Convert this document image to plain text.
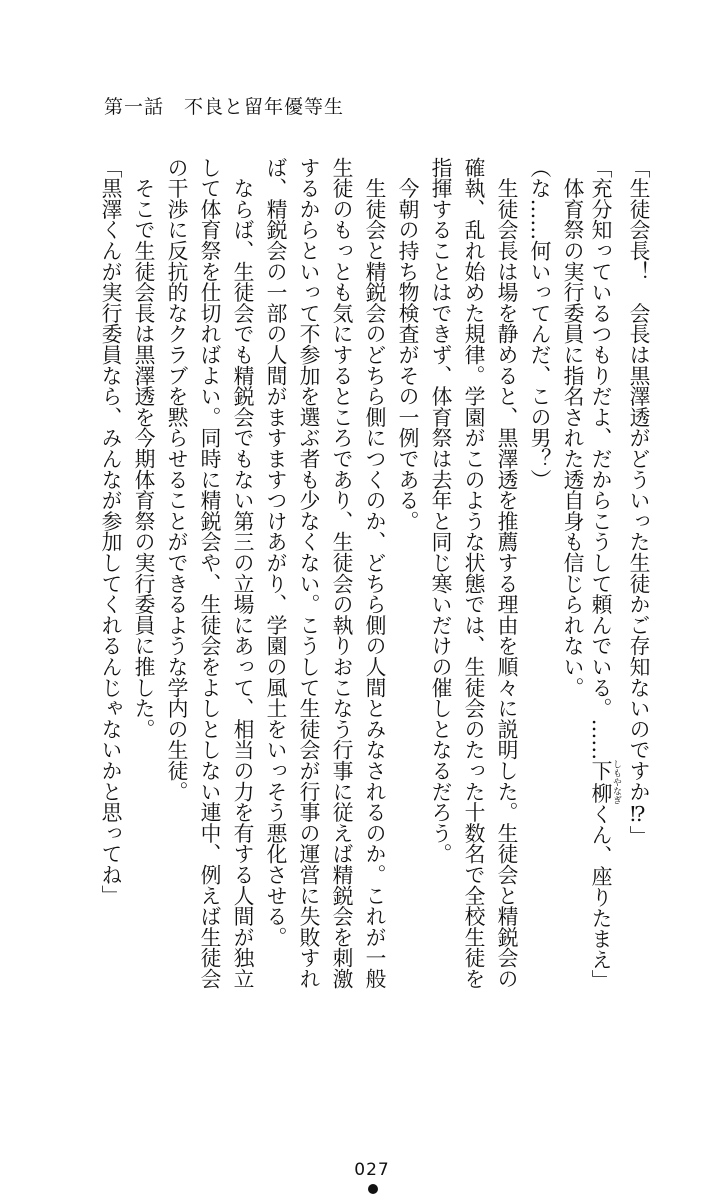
第一話　不良と留年優等生
「生徒会長！　会長は黒澤透がどういった生徒かご存知ないのですか⁉」
「充分知っているつもりだよ、だからこうして頼んでいる。……下柳 しもやなぎくん、座りたまえ」
　体育祭の実行委員に指名された透自身も信じられない。
（な……何いってんだ、この男？）
　生徒会長は場を静めると、黒澤透を推薦する理由を順々に説明した。生徒会と精鋭会の
確執、乱れ始めた規律。学園がこのような状態では、生徒会のたった十数名で全校生徒を
指揮することはできず、体育祭は去年と同じ寒いだけの催しとなるだろう。
　今朝の持ち物検査がその一例である。
　生徒会と精鋭会のどちら側につくのか、どちら側の人間とみなされるのか。これが一般
生徒のもっとも気にするところであり、生徒会の執りおこなう行事に従えば精鋭会を刺激
するからといって不参加を選ぶ者も少なくない。こうして生徒会が行事の運営に失敗すれ
ば、精鋭会の一部の人間がますますつけあがり、学園の風土をいっそう悪化させる。
　ならば、生徒会でも精鋭会でもない第三の立場にあって、相当の力を有する人間が独立
して体育祭を仕切ればよい。同時に精鋭会や、生徒会をよしとしない連中、例えば生徒会
の干渉に反抗的なクラブを黙らせることができるような学内の生徒。
　そこで生徒会長は黒澤透を今期体育祭の実行委員に推した。
「黒澤くんが実行委員なら、みんなが参加してくれるんじゃないかと思ってね」
027
